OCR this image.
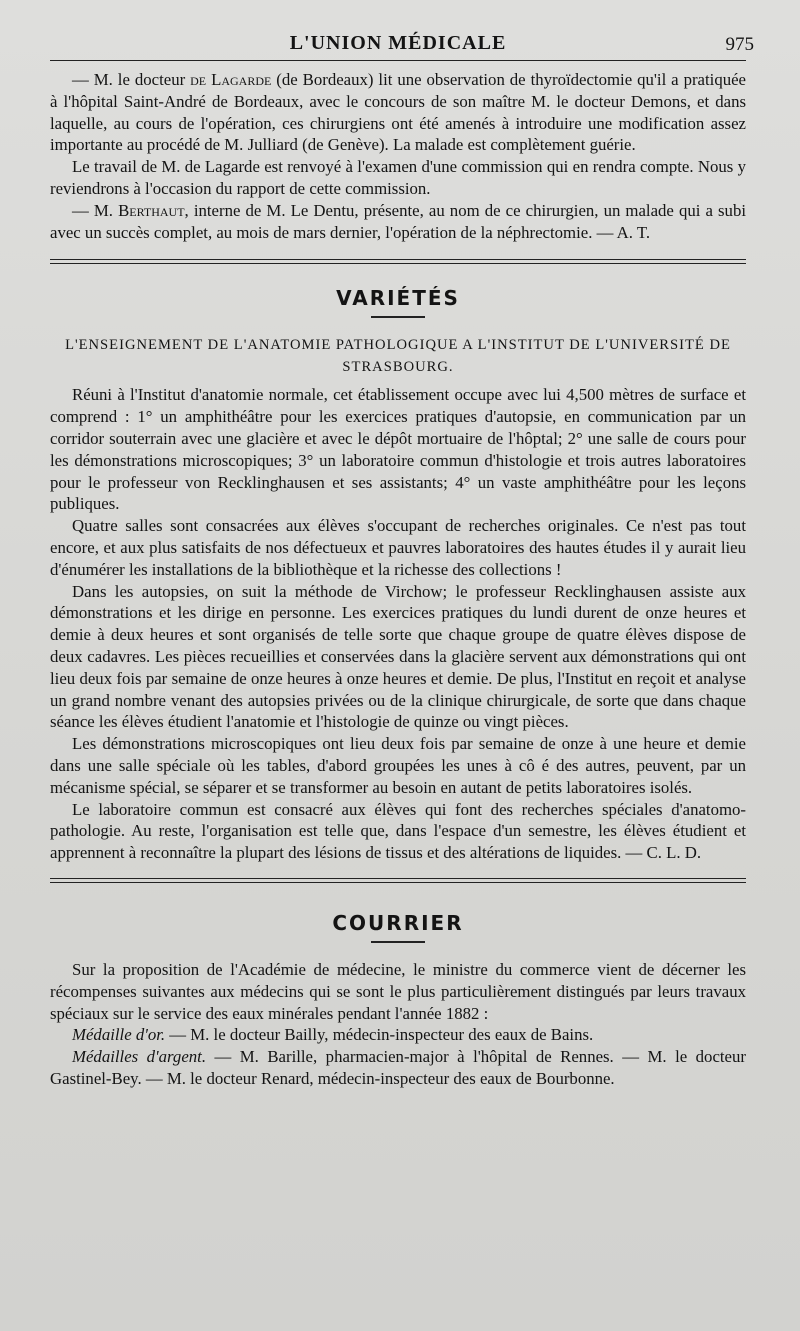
L'UNION MÉDICALE	975

— M. le docteur de Lagarde (de Bordeaux) lit une observation de thyroïdectomie qu'il a pratiquée à l'hôpital Saint-André de Bordeaux, avec le concours de son maître M. le docteur Demons, et dans laquelle, au cours de l'opération, ces chirurgiens ont été amenés à introduire une modification assez importante au procédé de M. Julliard (de Genève). La malade est complètement guérie.

Le travail de M. de Lagarde est renvoyé à l'examen d'une commission qui en rendra compte. Nous y reviendrons à l'occasion du rapport de cette commission.

— M. Berthaut, interne de M. Le Dentu, présente, au nom de ce chirurgien, un malade qui a subi avec un succès complet, au mois de mars dernier, l'opération de la néphrectomie. — A. T.

VARIÉTÉS
L'ENSEIGNEMENT DE L'ANATOMIE PATHOLOGIQUE A L'INSTITUT DE L'UNIVERSITÉ DE STRASBOURG.

Réuni à l'Institut d'anatomie normale, cet établissement occupe avec lui 4,500 mètres de surface et comprend : 1° un amphithéâtre pour les exercices pratiques d'autopsie, en communication par un corridor souterrain avec une glacière et avec le dépôt mortuaire de l'hôptal; 2° une salle de cours pour les démonstrations microscopiques; 3° un laboratoire commun d'histologie et trois autres laboratoires pour le professeur von Recklinghausen et ses assistants; 4° un vaste amphithéâtre pour les leçons publiques.

Quatre salles sont consacrées aux élèves s'occupant de recherches originales. Ce n'est pas tout encore, et aux plus satisfaits de nos défectueux et pauvres laboratoires des hautes études il y aurait lieu d'énumérer les installations de la bibliothèque et la richesse des collections !

Dans les autopsies, on suit la méthode de Virchow; le professeur Recklinghausen assiste aux démonstrations et les dirige en personne. Les exercices pratiques du lundi durent de onze heures et demie à deux heures et sont organisés de telle sorte que chaque groupe de quatre élèves dispose de deux cadavres. Les pièces recueillies et conservées dans la glacière servent aux démonstrations qui ont lieu deux fois par semaine de onze heures à onze heures et demie. De plus, l'Institut en reçoit et analyse un grand nombre venant des autopsies privées ou de la clinique chirurgicale, de sorte que dans chaque séance les élèves étudient l'anatomie et l'histologie de quinze ou vingt pièces.

Les démonstrations microscopiques ont lieu deux fois par semaine de onze à une heure et demie dans une salle spéciale où les tables, d'abord groupées les unes à cô é des autres, peuvent, par un mécanisme spécial, se séparer et se transformer au besoin en autant de petits laboratoires isolés.

Le laboratoire commun est consacré aux élèves qui font des recherches spéciales d'anatomo-pathologie. Au reste, l'organisation est telle que, dans l'espace d'un semestre, les élèves étudient et apprennent à reconnaître la plupart des lésions de tissus et des altérations de liquides. — C. L. D.

COURRIER

Sur la proposition de l'Académie de médecine, le ministre du commerce vient de décerner les récompenses suivantes aux médecins qui se sont le plus particulièrement distingués par leurs travaux spéciaux sur le service des eaux minérales pendant l'année 1882 :

Médaille d'or. — M. le docteur Bailly, médecin-inspecteur des eaux de Bains.

Médailles d'argent. — M. Barille, pharmacien-major à l'hôpital de Rennes. — M. le docteur Gastinel-Bey. — M. le docteur Renard, médecin-inspecteur des eaux de Bourbonne.
